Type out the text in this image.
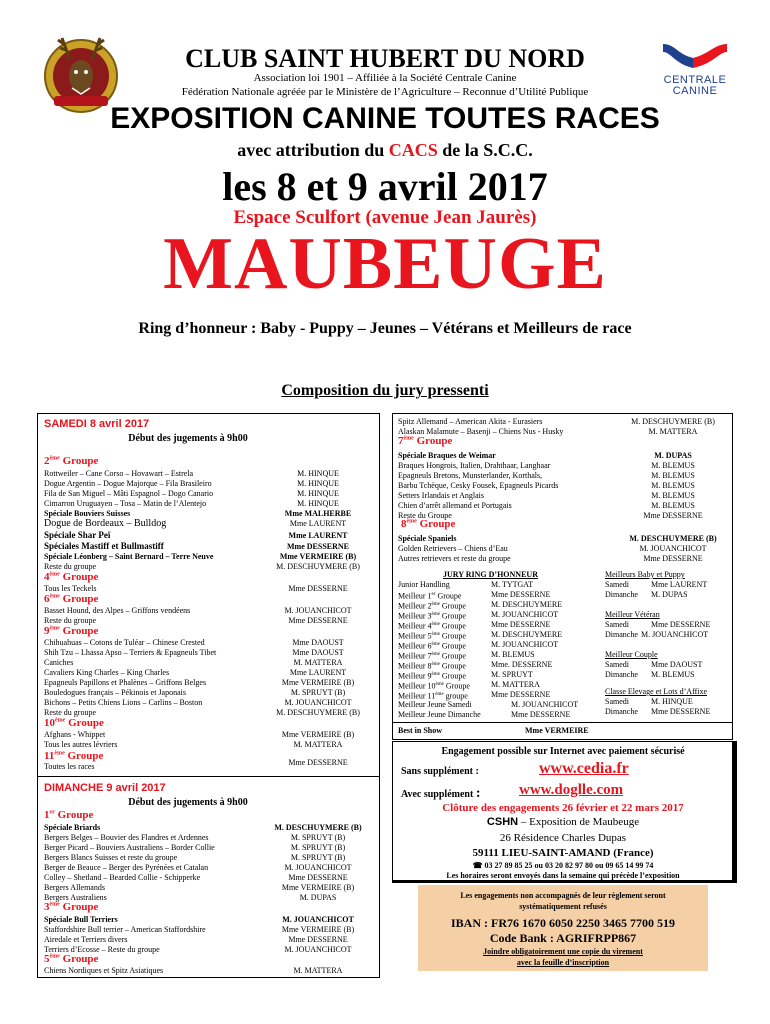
CENTRALE
CANINE
CLUB SAINT HUBERT DU NORD
Association loi 1901 – Affiliée à la Société Centrale Canine
Fédération Nationale agréée par le Ministère de l’Agriculture – Reconnue d’Utilité Publique
EXPOSITION CANINE TOUTES RACES
avec attribution du CACS de la S.C.C.
les 8 et 9 avril 2017
Espace Sculfort (avenue Jean Jaurès)
MAUBEUGE
Ring d’honneur : Baby - Puppy – Jeunes – Vétérans et Meilleurs de race
Composition du jury pressenti
SAMEDI 8 avril 2017
Début des jugements à 9h00
2ème Groupe
Rottweiler – Cane Corso – Hovawart – Estrela	M. HINQUE
Dogue Argentin – Dogue Majorque – Fila Brasileiro	M. HINQUE
Fila de San Miguel – Mâti Espagnol – Dogo Canario	M. HINQUE
Cimarron Uruguayen – Tosa – Matin de l’Alentejo	M. HINQUE
Spéciale Bouviers Suisses	Mme MALHERBE
Dogue de Bordeaux – Bulldog	Mme LAURENT
Spéciale Shar Peï	Mme LAURENT
Spéciales Mastiff et Bullmastiff	Mme DESSERNE
Spéciale Léonberg – Saint Bernard – Terre Neuve	Mme VERMEIRE (B)
Reste du groupe	M. DESCHUYMERE (B)
4ème Groupe
Tous les Teckels	Mme DESSERNE
6ème Groupe
Basset Hound, des Alpes – Griffons vendéens	M. JOUANCHICOT
Reste du groupe	Mme DESSERNE
9ème Groupe
Chihuahuas – Cotons de Tuléar – Chinese Crested	Mme DAOUST
Shih Tzu – Lhassa Apso – Terriers & Epagneuls Tibet	Mme DAOUST
Caniches	M. MATTERA
Cavaliers King Charles – King Charles	Mme LAURENT
Epagneuls Papillons et Phalènes – Griffons Belges	Mme VERMEIRE (B)
Bouledogues français – Pékinois et Japonais	M. SPRUYT (B)
Bichons – Petits Chiens Lions – Carlins – Boston	M. JOUANCHICOT
Reste du groupe	M. DESCHUYMERE (B)
10ème Groupe
Afghans - Whippet	Mme VERMEIRE (B)
Tous les autres lévriers	M. MATTERA
11ème Groupe
Toutes les races	Mme DESSERNE
DIMANCHE 9 avril 2017
Début des jugements à 9h00
1er Groupe
Spéciale Briards	M. DESCHUYMERE (B)
Bergers Belges – Bouvier des Flandres et Ardennes	M. SPRUYT (B)
Berger Picard – Bouviers Australiens – Border Collie	M. SPRUYT (B)
Bergers Blancs Suisses et reste du groupe	M. SPRUYT (B)
Berger de Beauce – Berger des Pyrénées et Catalan	M. JOUANCHICOT
Colley – Shetland – Bearded Collie - Schipperke	Mme DESSERNE
Bergers Allemands	Mme VERMEIRE (B)
Bergers Australiens	M. DUPAS
3ème Groupe
Spéciale Bull Terriers	M. JOUANCHICOT
Staffordshire Bull terrier – American Staffordshire	Mme VERMEIRE (B)
Airedale et Terriers divers	Mme DESSERNE
Terriers d’Ecosse – Reste du groupe	M. JOUANCHICOT
5ème Groupe
Chiens Nordiques et Spitz Asiatiques	M. MATTERA
Spitz Allemand – American Akita - Eurasiers	M. DESCHUYMERE (B)
Alaskan Malamute – Basenji – Chiens Nus - Husky	M. MATTERA
7ème Groupe
Spéciale Braques de Weimar	M. DUPAS
Braques Hongrois, Italien, Drahthaar, Langhaar	M. BLEMUS
Epagneuls Bretons, Munsterlander, Korthals,	M. BLEMUS
Barbu Tchèque, Cesky Fousek, Epagneuls Picards	M. BLEMUS
Setters Irlandais et Anglais	M. BLEMUS
Chien d’arrêt allemand et Portugais	M. BLEMUS
Reste du Groupe	Mme DESSERNE
8ème Groupe
Spéciale Spaniels	M. DESCHUYMERE (B)
Golden Retrievers – Chiens d’Eau	M. JOUANCHICOT
Autres retrievers et reste du groupe	Mme DESSERNE
JURY RING D’HONNEUR
Junior Handling	M. TYTGAT
Meilleur 1er Groupe	Mme DESSERNE
Meilleur 2ème Groupe	M. DESCHUYMERE
Meilleur 3ème Groupe	M. JOUANCHICOT
Meilleur 4ème Groupe	Mme DESSERNE
Meilleur 5ème Groupe	M. DESCHUYMERE
Meilleur 6ème Groupe	M. JOUANCHICOT
Meilleur 7ème Groupe	M. BLEMUS
Meilleur 8ème Groupe	Mme. DESSERNE
Meilleur 9ème Groupe	M. SPRUYT
Meilleur 10ème Groupe	M. MATTERA
Meilleur 11ème groupe	Mme DESSERNE
Meilleur Jeune Samedi	M. JOUANCHICOT
Meilleur Jeune Dimanche	Mme DESSERNE
Best in Show	Mme VERMEIRE
Meilleurs Baby et Puppy
Samedi	Mme LAURENT
Dimanche M. DUPAS
Meilleur Vétéran
Samedi	Mme DESSERNE
Dimanche M. JOUANCHICOT
Meilleur Couple
Samedi	Mme DAOUST
Dimanche M. BLEMUS
Classe Elevage et Lots d’Affixe
Samedi	M. HINQUE
Dimanche Mme DESSERNE
Engagement possible sur Internet avec paiement sécurisé
Sans supplément :	www.cedia.fr
Avec supplément :	www.doglle.com
Clôture des engagements 26 février et 22 mars 2017
CSHN – Exposition de Maubeuge
26 Résidence Charles Dupas
59111 LIEU-SAINT-AMAND (France)
☎ 03 27 89 85 25 ou 03 20 82 97 80 ou 09 65 14 99 74
Les horaires seront envoyés dans la semaine qui précède l’exposition
Les engagements non accompagnés de leur règlement seront
systématiquement refusés
IBAN : FR76 1670 6050 2250 3465 7700 519
Code Bank : AGRIFRPP867
Joindre obligatoirement une copie du virement
avec la feuille d’inscription
